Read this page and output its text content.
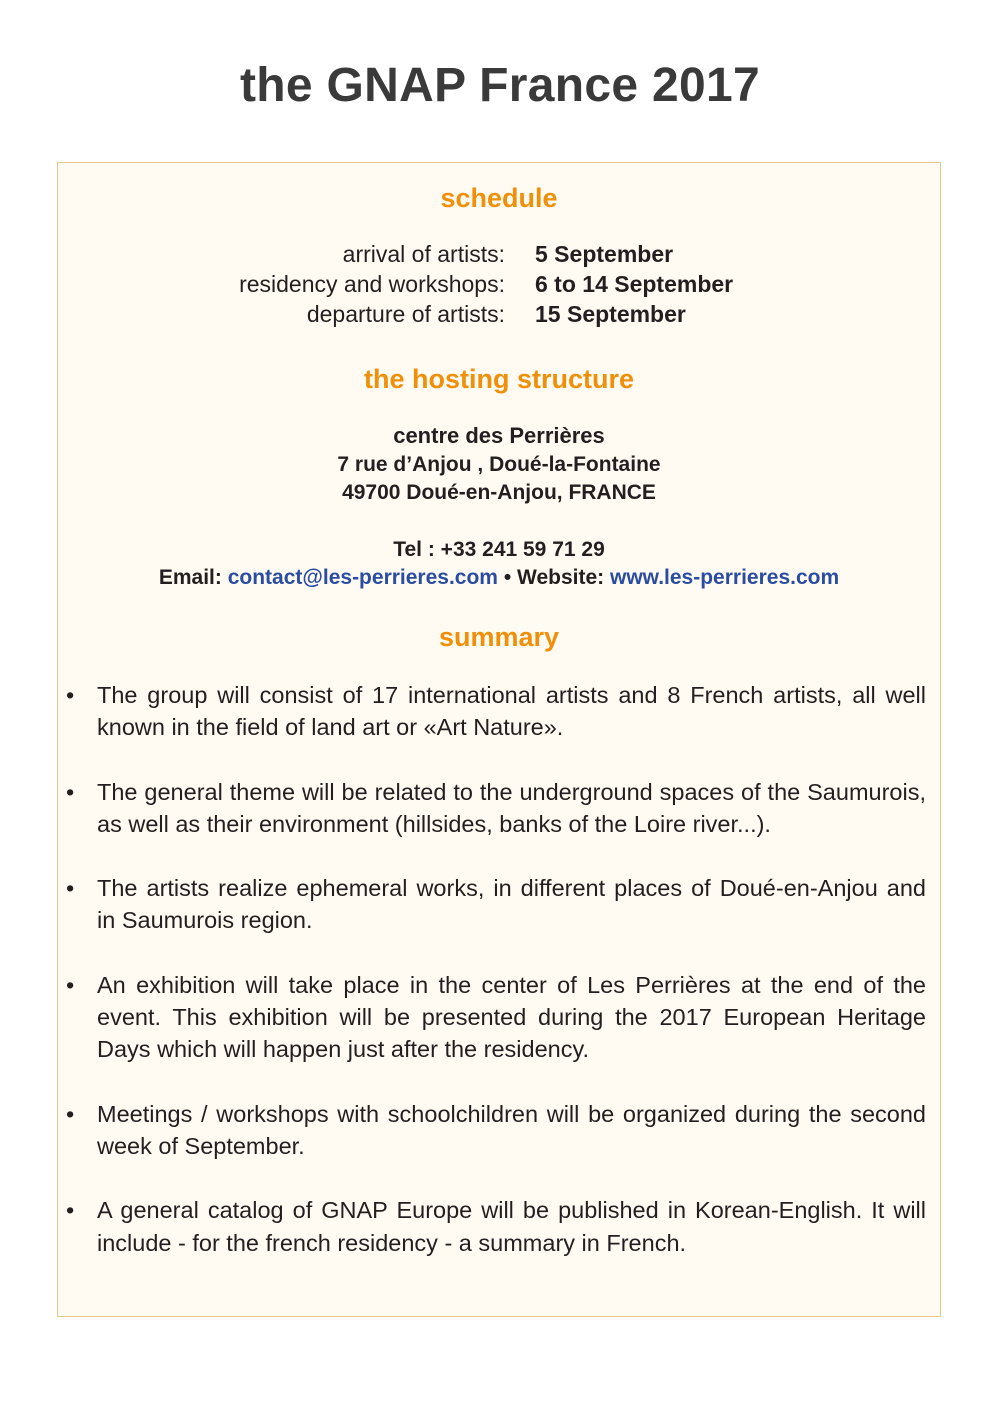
the GNAP France 2017
schedule
arrival of artists: 5 September
residency and workshops: 6 to 14 September
departure of artists: 15 September
the hosting structure
centre des Perrières
7 rue d’Anjou , Doué-la-Fontaine
49700 Doué-en-Anjou, FRANCE
Tel : +33 241 59 71 29
Email: contact@les-perrieres.com • Website: www.les-perrieres.com
summary
• The group will consist of 17 international artists and 8 French artists, all well known in the field of land art or «Art Nature».
• The general theme will be related to the underground spaces of the Saumurois, as well as their environment (hillsides, banks of the Loire river...).
• The artists realize ephemeral works, in different places of Doué-en-Anjou and in Saumurois region.
• An exhibition will take place in the center of Les Perrières at the end of the event. This exhibition will be presented during the 2017 European Heritage Days which will happen just after the residency.
• Meetings / workshops with schoolchildren will be organized during the second week of September.
• A general catalog of GNAP Europe will be published in Korean-English. It will include - for the french residency - a summary in French.
